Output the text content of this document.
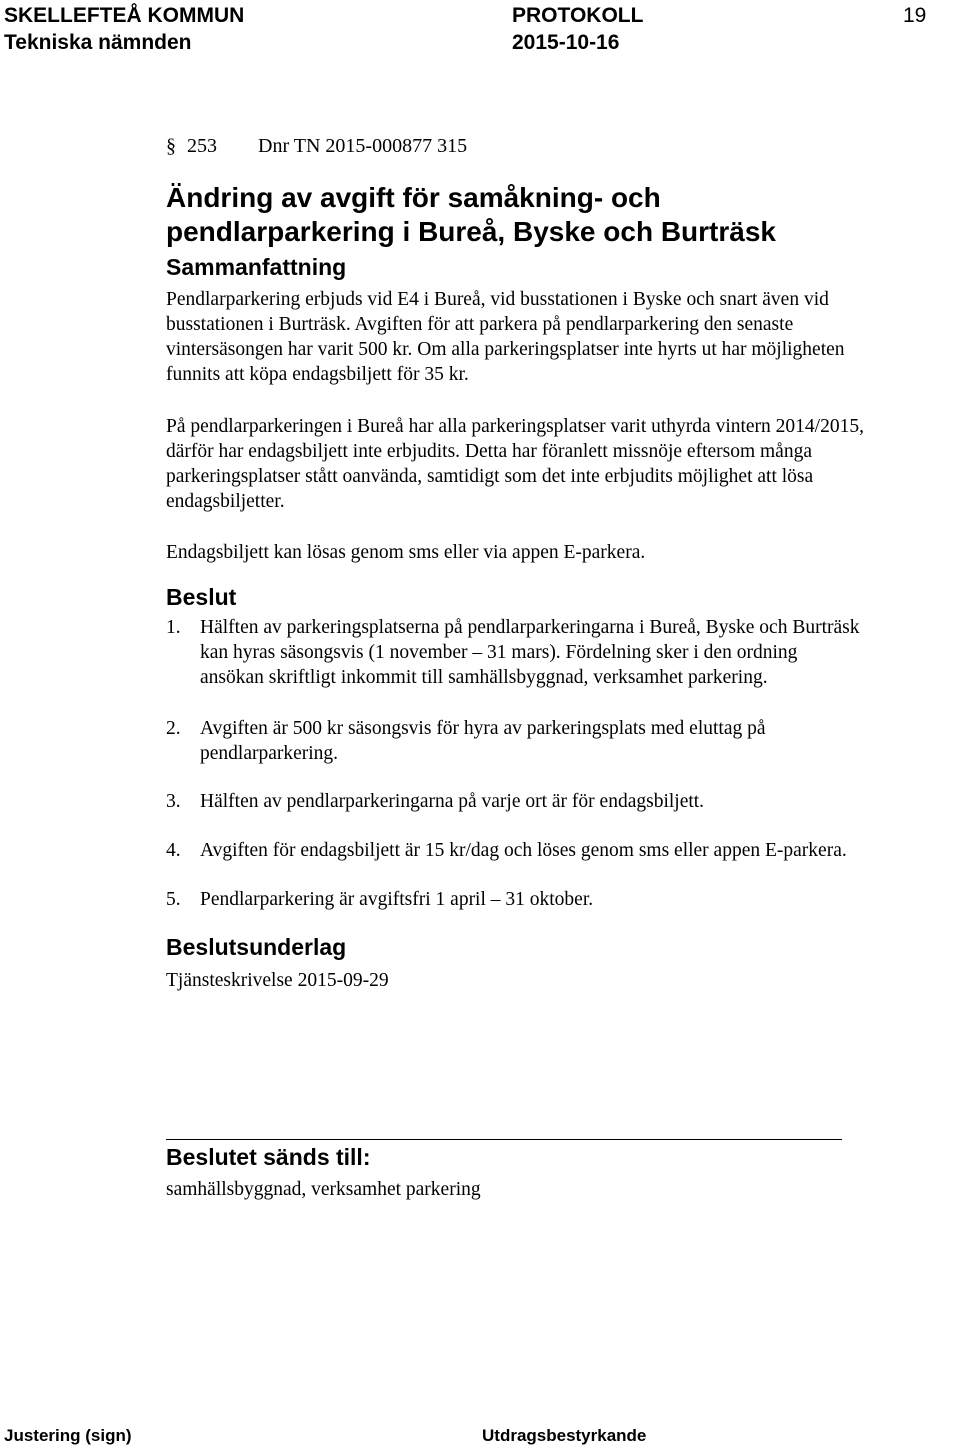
SKELLEFTEÅ KOMMUN
Tekniska nämnden
PROTOKOLL
2015-10-16
19
§ 253 Dnr TN 2015-000877 315
Ändring av avgift för samåkning- och pendlarparkering i Bureå, Byske och Burträsk
Sammanfattning

Pendlarparkering erbjuds vid E4 i Bureå, vid busstationen i Byske och snart även vid busstationen i Burträsk. Avgiften för att parkera på pendlarparkering den senaste vintersäsongen har varit 500 kr. Om alla parkeringsplatser inte hyrts ut har möjligheten funnits att köpa endagsbiljett för 35 kr.

På pendlarparkeringen i Bureå har alla parkeringsplatser varit uthyrda vintern 2014/2015, därför har endagsbiljett inte erbjudits. Detta har föranlett missnöje eftersom många parkeringsplatser stått oanvända, samtidigt som det inte erbjudits möjlighet att lösa endagsbiljetter.

Endagsbiljett kan lösas genom sms eller via appen E-parkera.

Beslut
1. Hälften av parkeringsplatserna på pendlarparkeringarna i Bureå, Byske och Burträsk kan hyras säsongsvis (1 november – 31 mars). Fördelning sker i den ordning ansökan skriftligt inkommit till samhällsbyggnad, verksamhet parkering.
2. Avgiften är 500 kr säsongsvis för hyra av parkeringsplats med eluttag på pendlarparkering.
3. Hälften av pendlarparkeringarna på varje ort är för endagsbiljett.
4. Avgiften för endagsbiljett är 15 kr/dag och löses genom sms eller appen E-parkera.
5. Pendlarparkering är avgiftsfri 1 april – 31 oktober.
Beslutsunderlag

Tjänsteskrivelse 2015-09-29

Beslutet sänds till:

samhällsbyggnad, verksamhet parkering

Justering (sign)	Utdragsbestyrkande
